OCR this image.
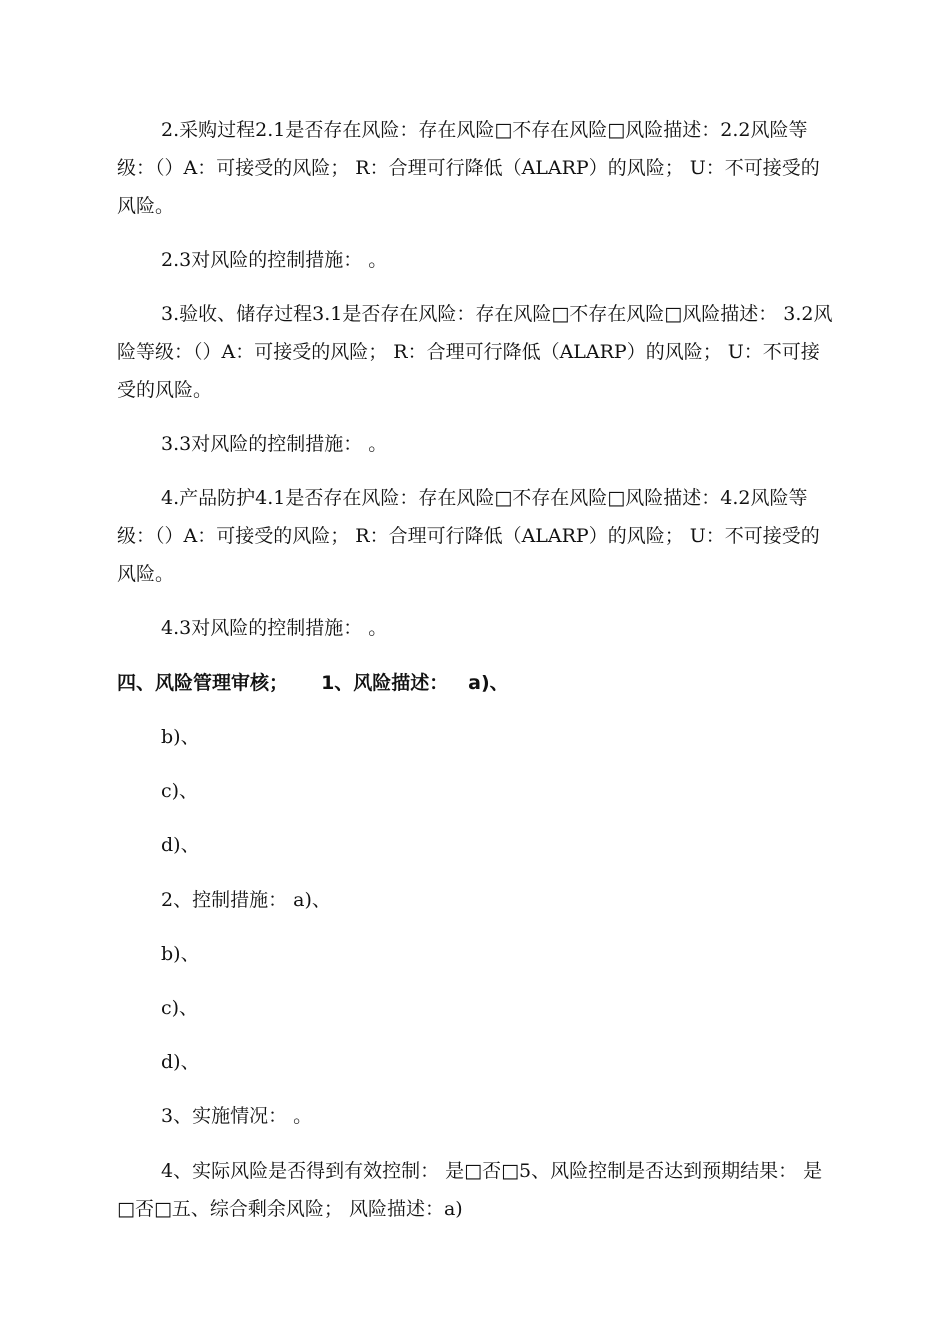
2.采购过程2.1是否存在风险：存在风险□不存在风险□风险描述：2.2风险等级：（）A：可接受的风险； R：合理可行降低（ALARP）的风险； U：不可接受的风险。

2.3对风险的控制措施： 。

3.验收、储存过程3.1是否存在风险：存在风险□不存在风险□风险描述： 3.2风险等级：（）A：可接受的风险； R：合理可行降低（ALARP）的风险； U：不可接受的风险。

3.3对风险的控制措施： 。

4.产品防护4.1是否存在风险：存在风险□不存在风险□风险描述：4.2风险等级：（）A：可接受的风险； R：合理可行降低（ALARP）的风险； U：不可接受的风险。

4.3对风险的控制措施： 。

四、风险管理审核；     1、风险描述：   a)、

b)、

c)、

d)、

2、控制措施： a)、

b)、

c)、

d)、

3、实施情况： 。

4、实际风险是否得到有效控制： 是□否□5、风险控制是否达到预期结果： 是□否□五、综合剩余风险； 风险描述：a)
